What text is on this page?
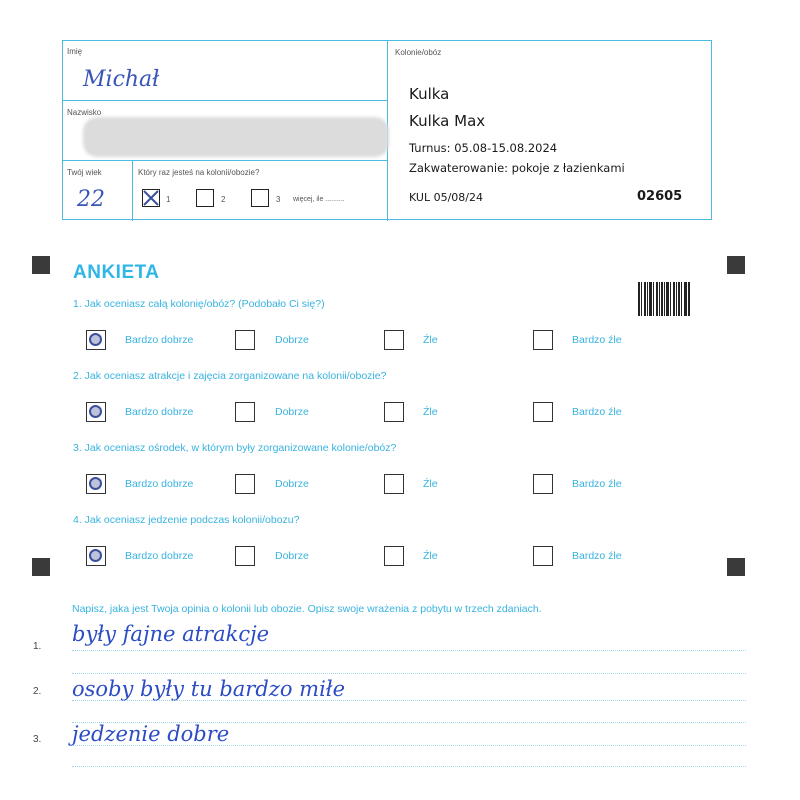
Imię
Michał
Nazwisko
Twój wiek
22
Który raz jesteś na kolonii/obozie?
1	2	3 więcej, ile ..........
Kolonie/obóz
Kulka
Kulka Max
Turnus: 05.08-15.08.2024
Zakwaterowanie: pokoje z łazienkami
KUL 05/08/24	02605
ANKIETA
1. Jak oceniasz całą kolonię/obóz? (Podobało Ci się?)
Bardzo dobrze	Dobrze	Źle	Bardzo źle
2. Jak oceniasz atrakcje i zajęcia zorganizowane na kolonii/obozie?
Bardzo dobrze	Dobrze	Źle	Bardzo źle
3. Jak oceniasz ośrodek, w którym były zorganizowane kolonie/obóz?
Bardzo dobrze	Dobrze	Źle	Bardzo źle
4. Jak oceniasz jedzenie podczas kolonii/obozu?
Bardzo dobrze	Dobrze	Źle	Bardzo źle
Napisz, jaka jest Twoja opinia o kolonii lub obozie. Opisz swoje wrażenia z pobytu w trzech zdaniach.
1.
były fajne atrakcje
2. osoby były tu bardzo miłe
3. jedzenie dobre
